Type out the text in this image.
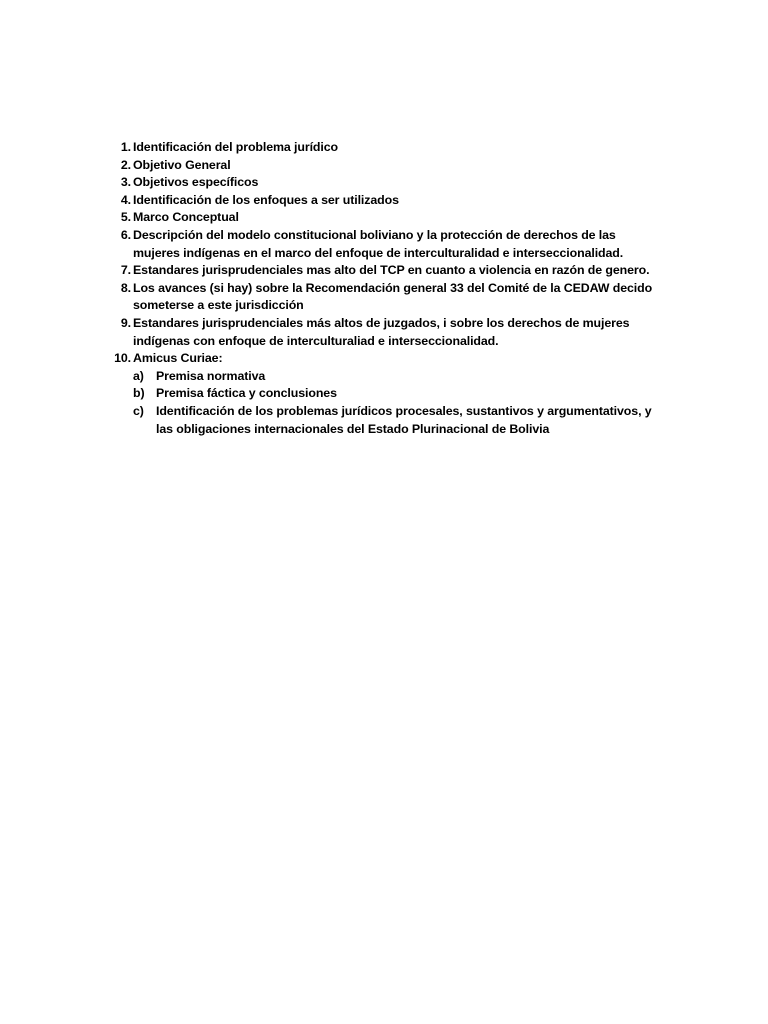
1. Identificación del problema jurídico
2. Objetivo General
3. Objetivos específicos
4. Identificación de los enfoques a ser utilizados
5. Marco Conceptual
6. Descripción del modelo constitucional boliviano y la protección de derechos de las mujeres indígenas en el marco del enfoque de interculturalidad e interseccionalidad.
7. Estandares jurisprudenciales mas alto del TCP en cuanto a violencia en razón de genero.
8. Los avances (si hay) sobre la Recomendación general 33 del Comité de la CEDAW decido someterse a este jurisdicción
9. Estandares jurisprudenciales más altos de juzgados, i sobre los derechos de mujeres indígenas con enfoque de interculturaliad e interseccionalidad.
10. Amicus Curiae:
a) Premisa normativa
b) Premisa fáctica y conclusiones
c) Identificación de los problemas jurídicos procesales, sustantivos y argumentativos, y las obligaciones internacionales del Estado Plurinacional de Bolivia
